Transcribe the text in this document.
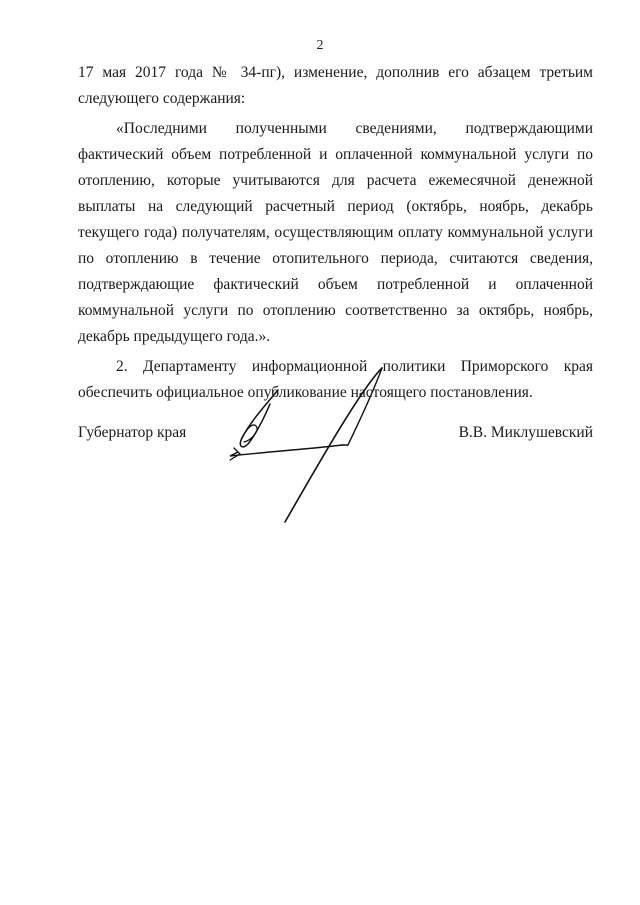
2

17 мая 2017 года № 34-пг), изменение, дополнив его абзацем третьим следующего содержания:

«Последними полученными сведениями, подтверждающими фактический объем потребленной и оплаченной коммунальной услуги по отоплению, которые учитываются для расчета ежемесячной денежной выплаты на следующий расчетный период (октябрь, ноябрь, декабрь текущего года) получателям, осуществляющим оплату коммунальной услуги по отоплению в течение отопительного периода, считаются сведения, подтверждающие фактический объем потребленной и оплаченной коммунальной услуги по отоплению соответственно за октябрь, ноябрь, декабрь предыдущего года.».

2. Департаменту информационной политики Приморского края обеспечить официальное опубликование настоящего постановления.

Губернатор края	В.В. Миклушевский
